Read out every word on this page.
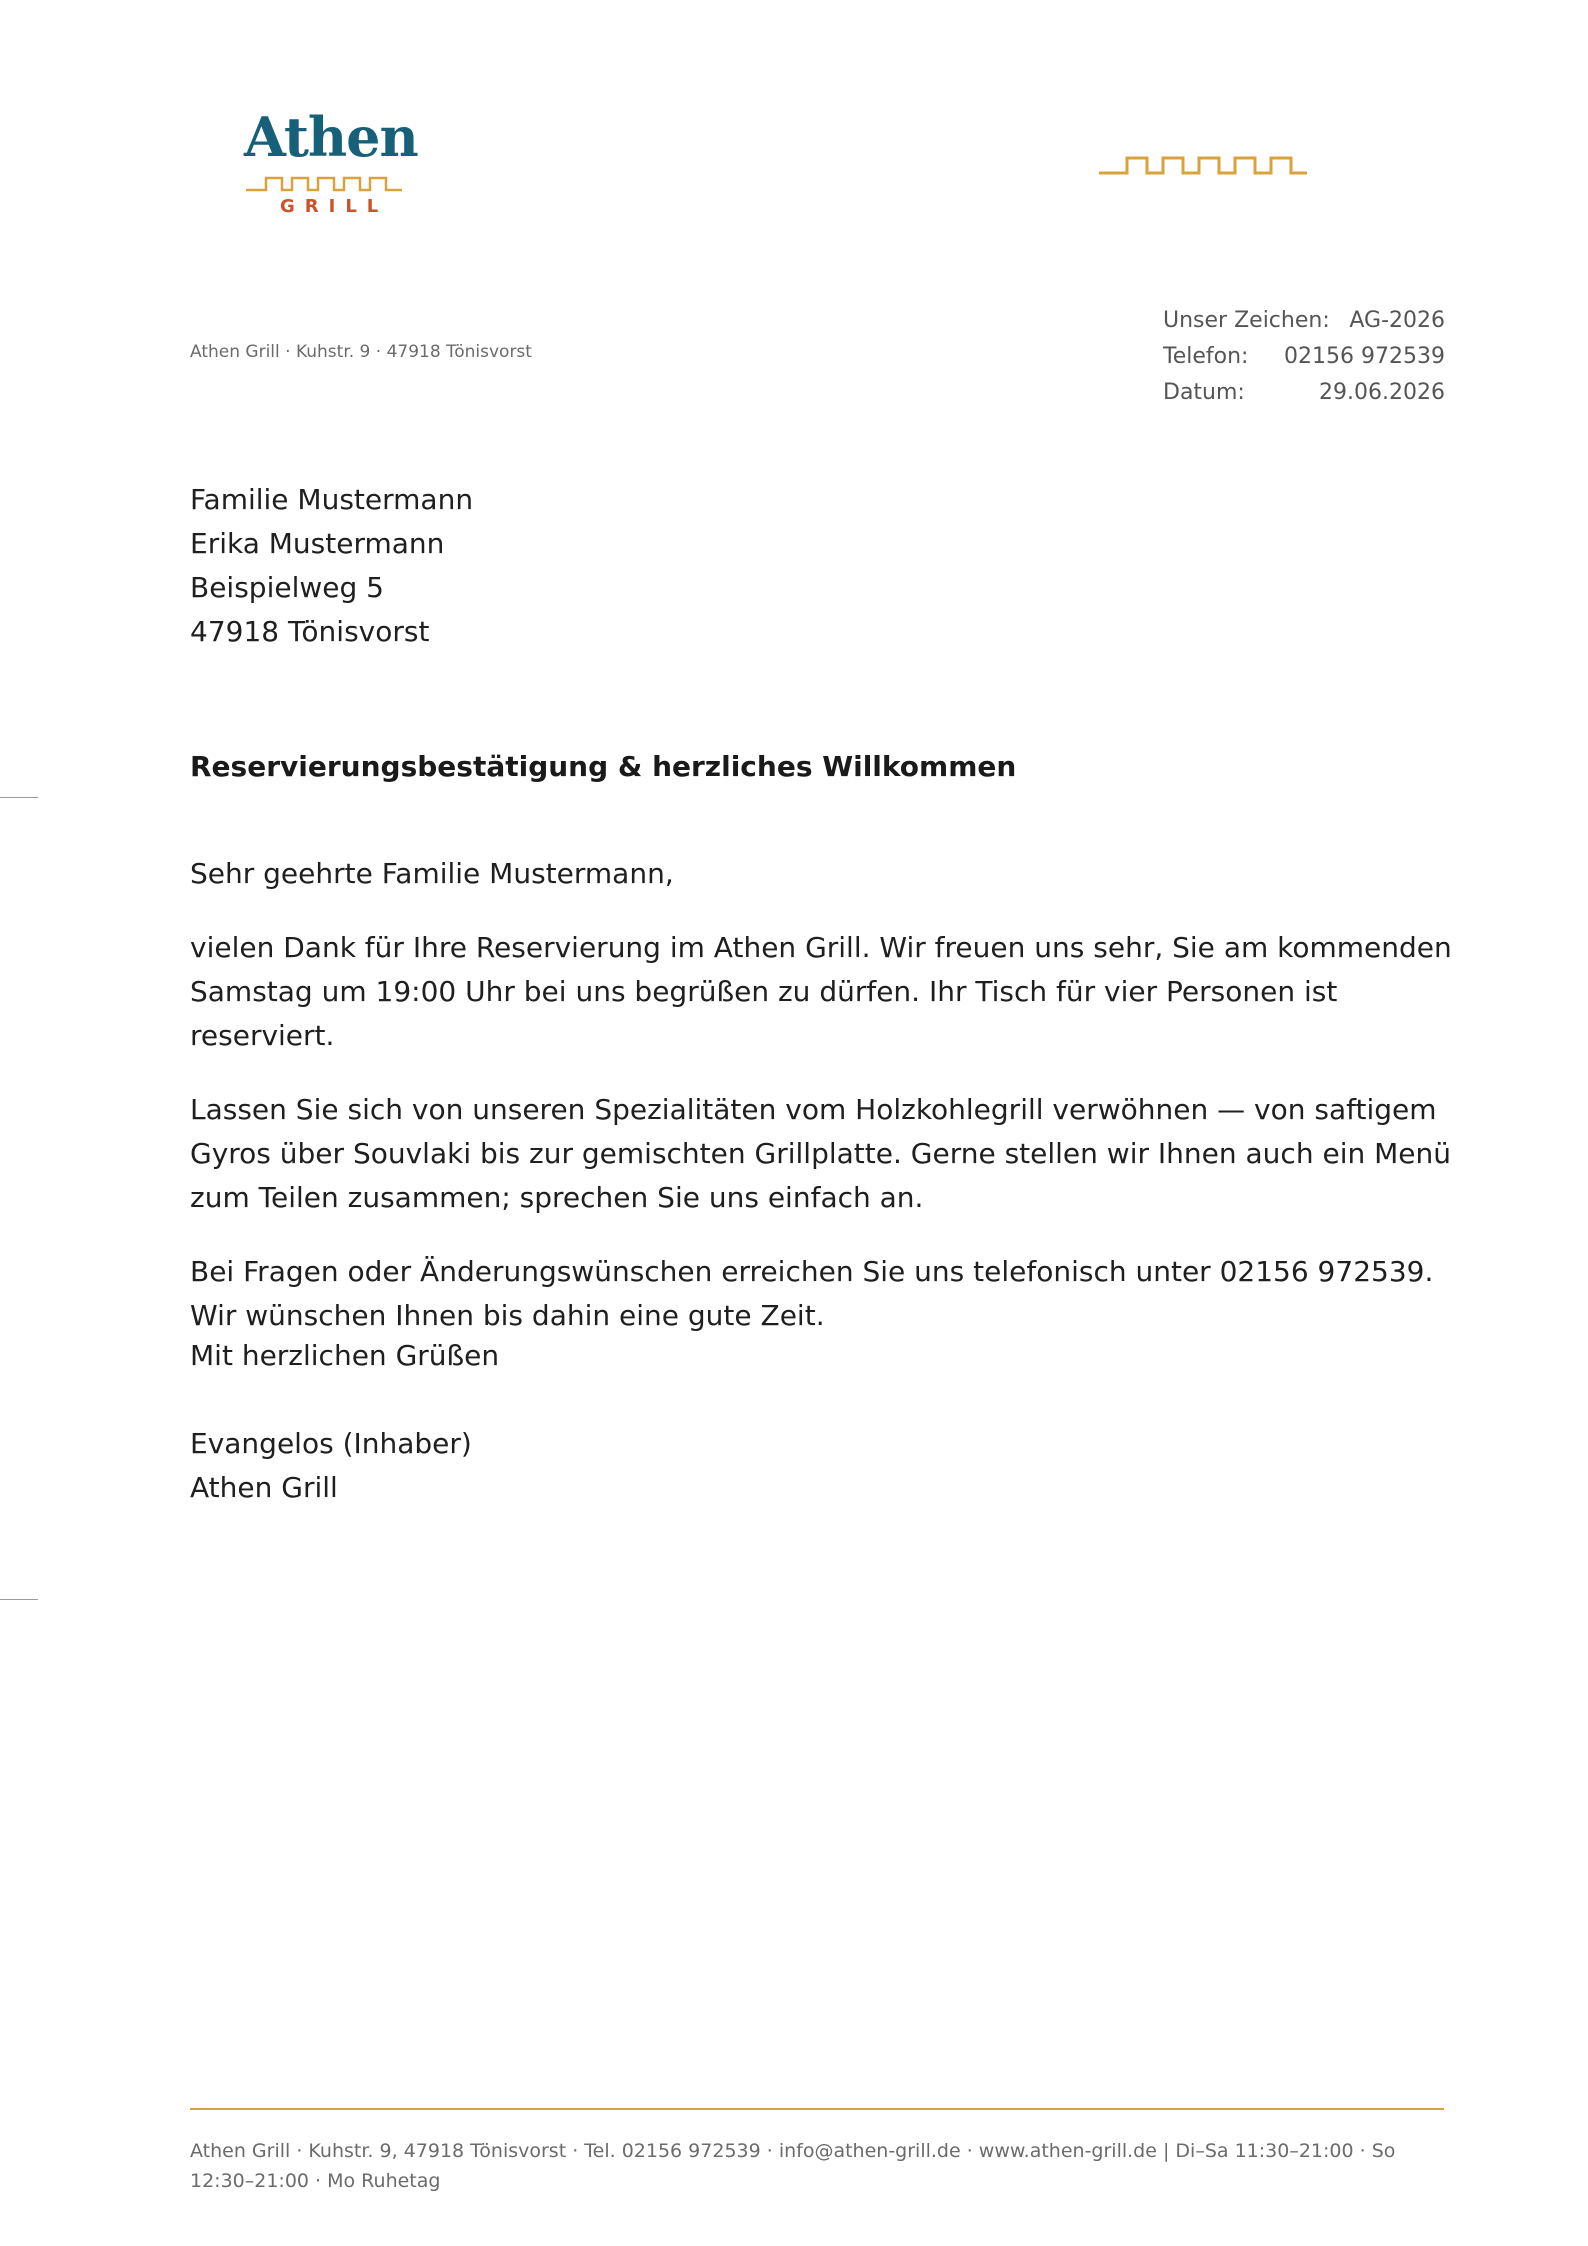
Athen
GRILL
Athen Grill · Kuhstr. 9 · 47918 Tönisvorst
Unser Zeichen: AG-2026
Telefon: 02156 972539
Datum:	29.06.2026
Familie Mustermann
Erika Mustermann
Beispielweg 5
47918 Tönisvorst
Reservierungsbestätigung & herzliches Willkommen

Sehr geehrte Familie Mustermann,

vielen Dank für Ihre Reservierung im Athen Grill. Wir freuen uns sehr, Sie am kommenden Samstag um 19:00 Uhr bei uns begrüßen zu dürfen. Ihr Tisch für vier Personen ist reserviert.

Lassen Sie sich von unseren Spezialitäten vom Holzkohlegrill verwöhnen — von saftigem Gyros über Souvlaki bis zur gemischten Grillplatte. Gerne stellen wir Ihnen auch ein Menü zum Teilen zusammen; sprechen Sie uns einfach an.

Bei Fragen oder Änderungswünschen erreichen Sie uns telefonisch unter 02156 972539. Wir wünschen Ihnen bis dahin eine gute Zeit.

Mit herzlichen Grüßen
Evangelos (Inhaber)
Athen Grill
Athen Grill · Kuhstr. 9, 47918 Tönisvorst · Tel. 02156 972539 · info@athen-grill.de · www.athen-grill.de | Di–Sa 11:30–21:00 · So 12:30–21:00 · Mo Ruhetag
